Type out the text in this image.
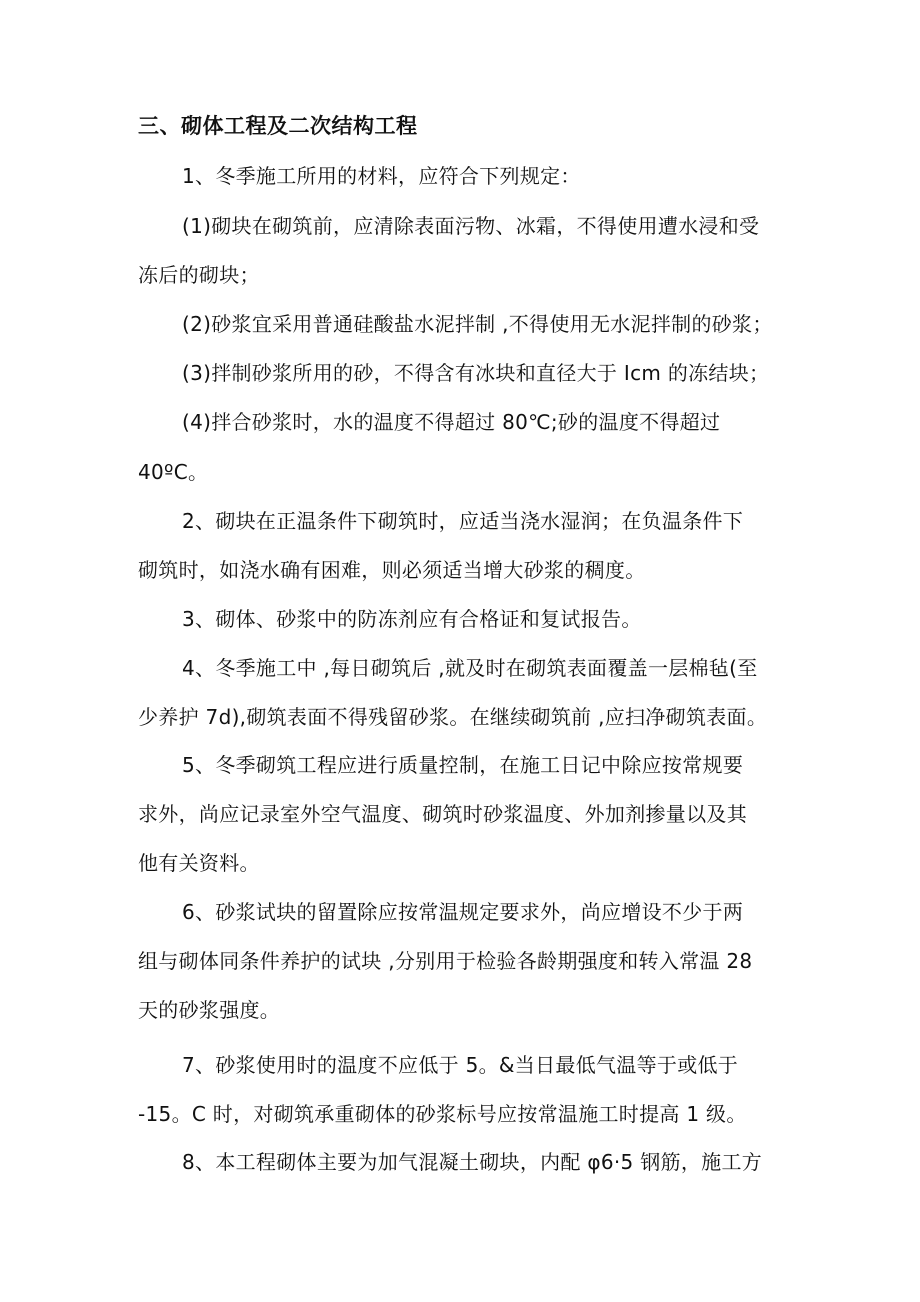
三、砌体工程及二次结构工程
1、冬季施工所用的材料，应符合下列规定：
(1)砌块在砌筑前，应清除表面污物、冰霜，不得使用遭水浸和受
冻后的砌块；
(2)砂浆宜采用普通硅酸盐水泥拌制 ,不得使用无水泥拌制的砂浆；
(3)拌制砂浆所用的砂，不得含有冰块和直径大于 Icm 的冻结块；
(4)拌合砂浆时，水的温度不得超过 80℃;砂的温度不得超过
40ºC。
2、砌块在正温条件下砌筑时，应适当浇水湿润；在负温条件下
砌筑时，如浇水确有困难，则必须适当增大砂浆的稠度。
3、砌体、砂浆中的防冻剂应有合格证和复试报告。
4、冬季施工中 ,每日砌筑后 ,就及时在砌筑表面覆盖一层棉毡(至
少养护 7d),砌筑表面不得残留砂浆。在继续砌筑前 ,应扫净砌筑表面。
5、冬季砌筑工程应进行质量控制，在施工日记中除应按常规要
求外，尚应记录室外空气温度、砌筑时砂浆温度、外加剂掺量以及其
他有关资料。
6、砂浆试块的留置除应按常温规定要求外，尚应增设不少于两
组与砌体同条件养护的试块 ,分别用于检验各龄期强度和转入常温 28
天的砂浆强度。
7、砂浆使用时的温度不应低于 5。&当日最低气温等于或低于
-15。C 时，对砌筑承重砌体的砂浆标号应按常温施工时提高 1 级。
8、本工程砌体主要为加气混凝土砌块，内配 φ6·5 钢筋，施工方
